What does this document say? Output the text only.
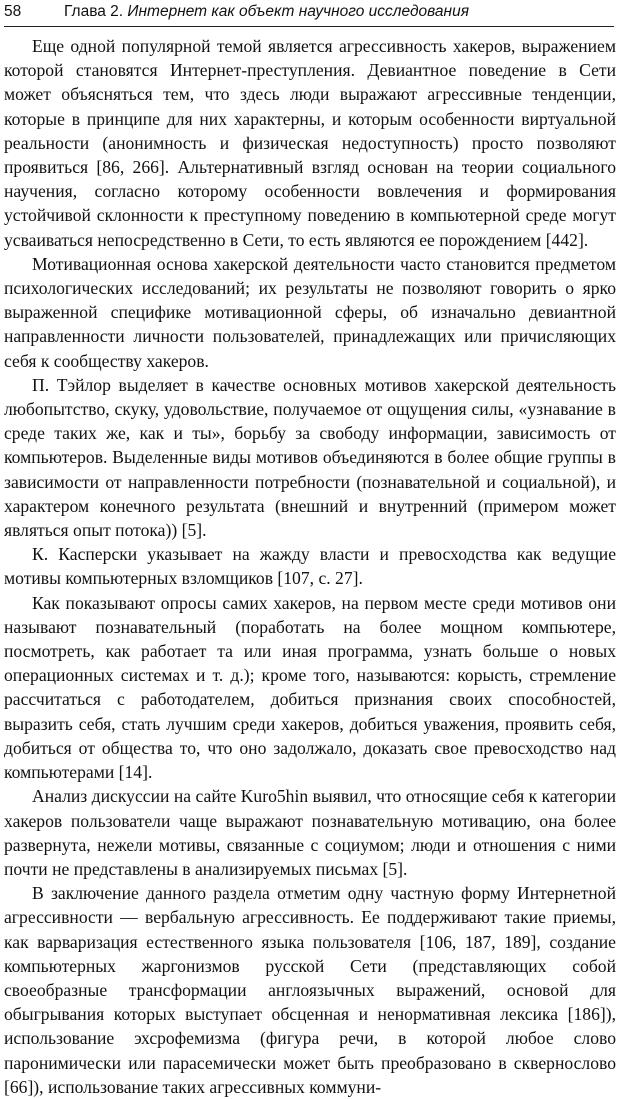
58	Глава 2. Интернет как объект научного исследования

Еще одной популярной темой является агрессивность хакеров, выражением которой становятся Интернет-преступления. Девиантное поведение в Сети может объясняться тем, что здесь люди выражают агрессивные тенденции, которые в принципе для них характерны, и которым особенности виртуальной реальности (анонимность и физическая недоступность) просто позволяют проявиться [86, 266]. Альтернативный взгляд основан на теории социального научения, согласно которому особенности вовлечения и формирования устойчивой склонности к преступному поведению в компьютерной среде могут усваиваться непосредственно в Сети, то есть являются ее порождением [442].

Мотивационная основа хакерской деятельности часто становится предметом психологических исследований; их результаты не позволяют говорить о ярко выраженной специфике мотивационной сферы, об изначально девиантной направленности личности пользователей, принадлежащих или причисляющих себя к сообществу хакеров.

П. Тэйлор выделяет в качестве основных мотивов хакерской деятельность любопытство, скуку, удовольствие, получаемое от ощущения силы, «узнавание в среде таких же, как и ты», борьбу за свободу информации, зависимость от компьютеров. Выделенные виды мотивов объединяются в более общие группы в зависимости от направленности потребности (познавательной и социальной), и характером конечного результата (внешний и внутренний (примером может являться опыт потока)) [5].

К. Касперски указывает на жажду власти и превосходства как ведущие мотивы компьютерных взломщиков [107, с. 27].

Как показывают опросы самих хакеров, на первом месте среди мотивов они называют познавательный (поработать на более мощном компьютере, посмотреть, как работает та или иная программа, узнать больше о новых операционных системах и т. д.); кроме того, называются: корысть, стремление рассчитаться с работодателем, добиться признания своих способностей, выразить себя, стать лучшим среди хакеров, добиться уважения, проявить себя, добиться от общества то, что оно задолжало, доказать свое превосходство над компьютерами [14].

Анализ дискуссии на сайте Kuro5hin выявил, что относящие себя к категории хакеров пользователи чаще выражают познавательную мотивацию, она более развернута, нежели мотивы, связанные с социумом; люди и отношения с ними почти не представлены в анализируемых письмах [5].

В заключение данного раздела отметим одну частную форму Интернетной агрессивности — вербальную агрессивность. Ее поддерживают такие приемы, как варваризация естественного языка пользователя [106, 187, 189], создание компьютерных жаргонизмов русской Сети (представляющих собой своеобразные трансформации англоязычных выражений, основой для обыгрывания которых выступает обсценная и ненормативная лексика [186]), использование эхсрофемизма (фигура речи, в которой любое слово паронимически или парасемически может быть преобразовано в сквернослово [66]), использование таких агрессивных коммуни-
